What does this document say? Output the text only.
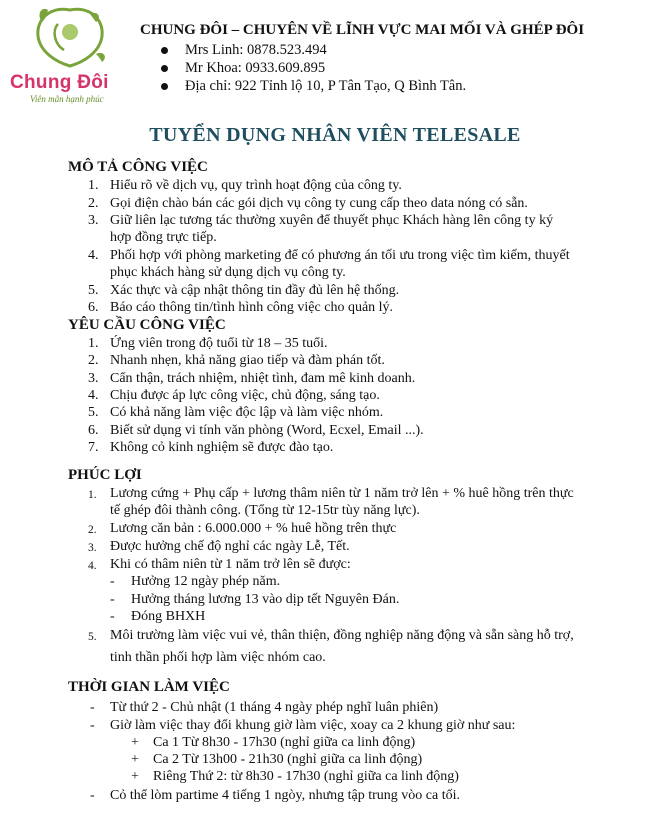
Chung Đôi
Viên mãn hạnh phúc
CHUNG ĐÔI – CHUYÊN VỀ LĨNH VỰC MAI MỐI VÀ GHÉP ĐÔI
Mrs Linh: 0878.523.494
Mr Khoa: 0933.609.895
Địa chỉ: 922 Tỉnh lộ 10, P Tân Tạo, Q Bình Tân.
TUYỂN DỤNG NHÂN VIÊN TELESALE
MÔ TẢ CÔNG VIỆC
1. Hiểu rõ về dịch vụ, quy trình hoạt động của công ty.
2. Gọi điện chào bán các gói dịch vụ công ty cung cấp theo data nóng có sẵn.
3. Giữ liên lạc tương tác thường xuyên để thuyết phục Khách hàng lên công ty ký
hợp đồng trực tiếp.
4. Phối hợp với phòng marketing để có phương án tối ưu trong việc tìm kiếm, thuyết
phục khách hàng sử dụng dịch vụ công ty.
5. Xác thực và cập nhật thông tin đầy đủ lên hệ thống.
6. Báo cáo thông tin/tình hình công việc cho quản lý.
YÊU CẦU CÔNG VIỆC
1. Ứng viên trong độ tuổi từ 18 – 35 tuổi.
2. Nhanh nhẹn, khả năng giao tiếp và đàm phán tốt.
3. Cẩn thận, trách nhiệm, nhiệt tình, đam mê kinh doanh.
4. Chịu được áp lực công việc, chủ động, sáng tạo.
5. Có khả năng làm việc độc lập và làm việc nhóm.
6. Biết sử dụng vi tính văn phòng (Word, Ecxel, Email ...).
7. Không cỏ kinh nghiệm sẽ được đào tạo.
PHÚC LỢI
1. Lương cứng + Phụ cấp + lương thâm niên từ 1 năm trở lên + % huê hồng trên thực
tế ghép đôi thành công. (Tổng từ 12-15tr tùy năng lực).
2. Lương căn bản : 6.000.000 + % huê hồng trên thực
3. Được hưởng chế độ nghỉ các ngày Lễ, Tết.
4. Khi có thâm niên từ 1 năm trở lên sẽ được:
- Hưởng 12 ngày phép năm.
- Hưởng tháng lương 13 vào dịp tết Nguyên Đán.
- Đóng BHXH
5. Môi trường làm việc vui vẻ, thân thiện, đồng nghiệp năng động và sẵn sàng hỗ trợ,
tinh thần phối hợp làm việc nhóm cao.
THỜI GIAN LÀM VIỆC
- Từ thứ 2 - Chủ nhật (1 tháng 4 ngày phép nghĩ luân phiên)
- Giờ làm việc thay đổi khung giờ làm việc, xoay ca 2 khung giờ như sau:
+ Ca 1 Từ 8h30 - 17h30 (nghỉ giữa ca linh động)
+ Ca 2 Từ 13h00 - 21h30 (nghỉ giữa ca linh động)
+ Riêng Thứ 2: từ 8h30 - 17h30 (nghỉ giữa ca linh động)
- Cỏ thể lòm partime 4 tiếng 1 ngòy, nhưng tập trung vòo ca tối.
